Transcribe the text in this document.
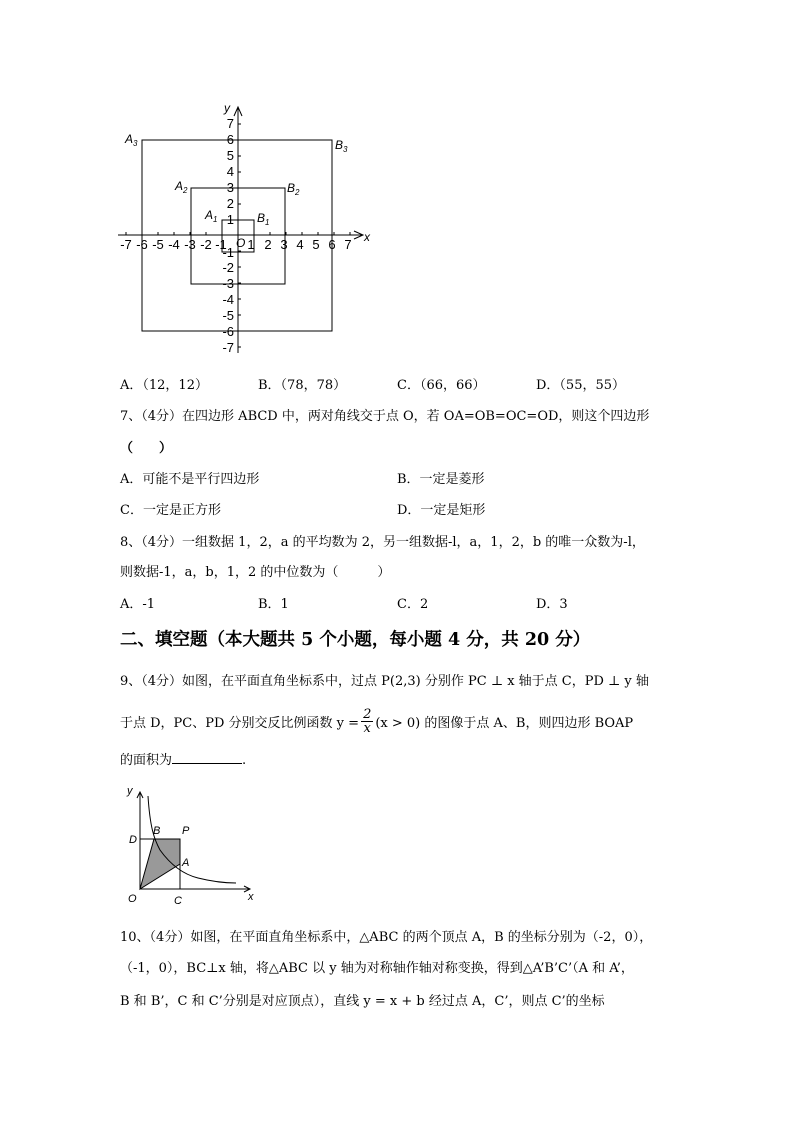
x
y
O
-7 -6 -5 -4 -3 -2 -1 1 2 3 4 5 6 7
7
6
5
4
3
2
1
-1
-2
-3
-4
-5
-6
-7
$A_3$	$B_3$
$A_2$	$B_2$
$A_1$	$B_1$
A．（12，12）	B．（78，78）	C．（66，66）	D．（55，55）
7、（4分）在四边形 ABCD 中，两对角线交于点 O，若 OA=OB=OC=OD，则这个四边形
（　　）
A．可能不是平行四边形	B．一定是菱形
C．一定是正方形	D．一定是矩形
8、（4分）一组数据 1，2，a 的平均数为 2，另一组数据-l，a，1，2，b 的唯一众数为-l，
则数据-1，a，b，1，2 的中位数为（　　　）
A．-1	B．1	C．2	D．3
二、填空题（本大题共 5 个小题，每小题 4 分，共 20 分）
9、（4分）如图，在平面直角坐标系中，过点 P(2,3) 分别作 PC ⊥ x 轴于点 C，PD ⊥ y 轴
于点 D，PC、PD 分别交反比例函数 $y = \frac{2}{x} (x > 0)$ 的图像于点 A、B，则四边形 BOAP
的面积为	.
y
x
D
B P
A
O	C
10、（4分）如图，在平面直角坐标系中，△ABC 的两个顶点 A，B 的坐标分别为（-2，0），
（-1，0），BC⊥x 轴，将△ABC 以 y 轴为对称轴作轴对称变换，得到△A’B’C’（A 和 A’，
B 和 B’，C 和 C’分别是对应顶点），直线 y = x + b 经过点 A，C’，则点 C’的坐标
